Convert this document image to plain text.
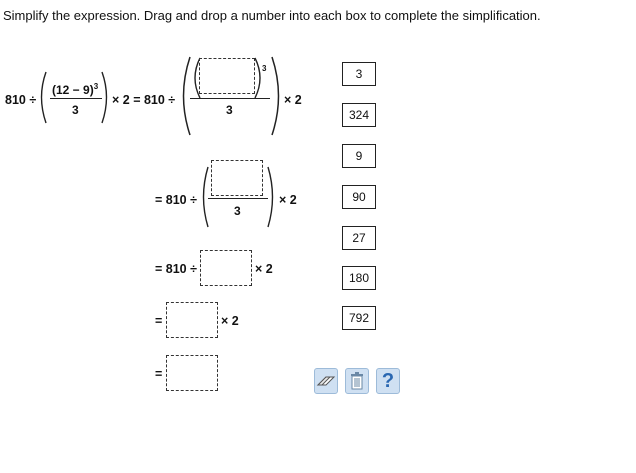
Simplify the expression. Drag and drop a number into each box to complete the simplification.
810 ÷
$(12 - 9)^3$
3
× 2 = 810 ÷
3
3
× 2
= 810 ÷
3
× 2
= 810 ÷	× 2
=	× 2
=
3
324
9
90
27
180
792
?
